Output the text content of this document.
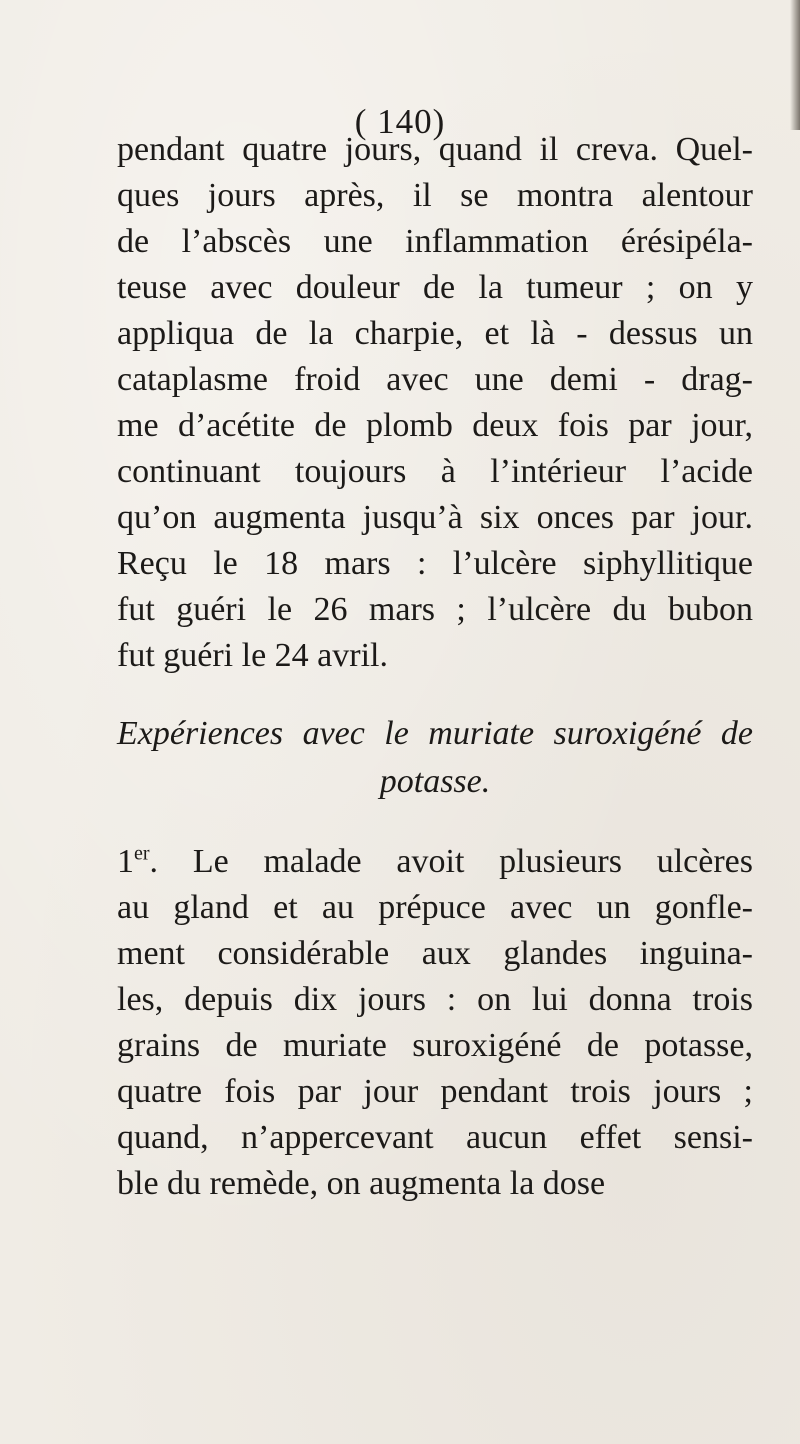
( 140)
pendant quatre jours, quand il creva. Quel-
ques jours après, il se montra alentour
de l’abscès une inflammation érésipéla-
teuse avec douleur de la tumeur ; on y
appliqua de la charpie, et là - dessus un
cataplasme froid avec une demi - drag-
me d’acétite de plomb deux fois par jour,
continuant toujours à l’intérieur l’acide
qu’on augmenta jusqu’à six onces par jour.
Reçu le 18 mars : l’ulcère siphyllitique
fut guéri le 26 mars ; l’ulcère du bubon
fut guéri le 24 avril.
Expériences avec le muriate suroxigéné de
potasse.
1er. Le malade avoit plusieurs ulcères
au gland et au prépuce avec un gonfle-
ment considérable aux glandes inguina-
les, depuis dix jours : on lui donna trois
grains de muriate suroxigéné de potasse,
quatre fois par jour pendant trois jours ;
quand, n’appercevant aucun effet sensi-
ble du remède, on augmenta la dose
